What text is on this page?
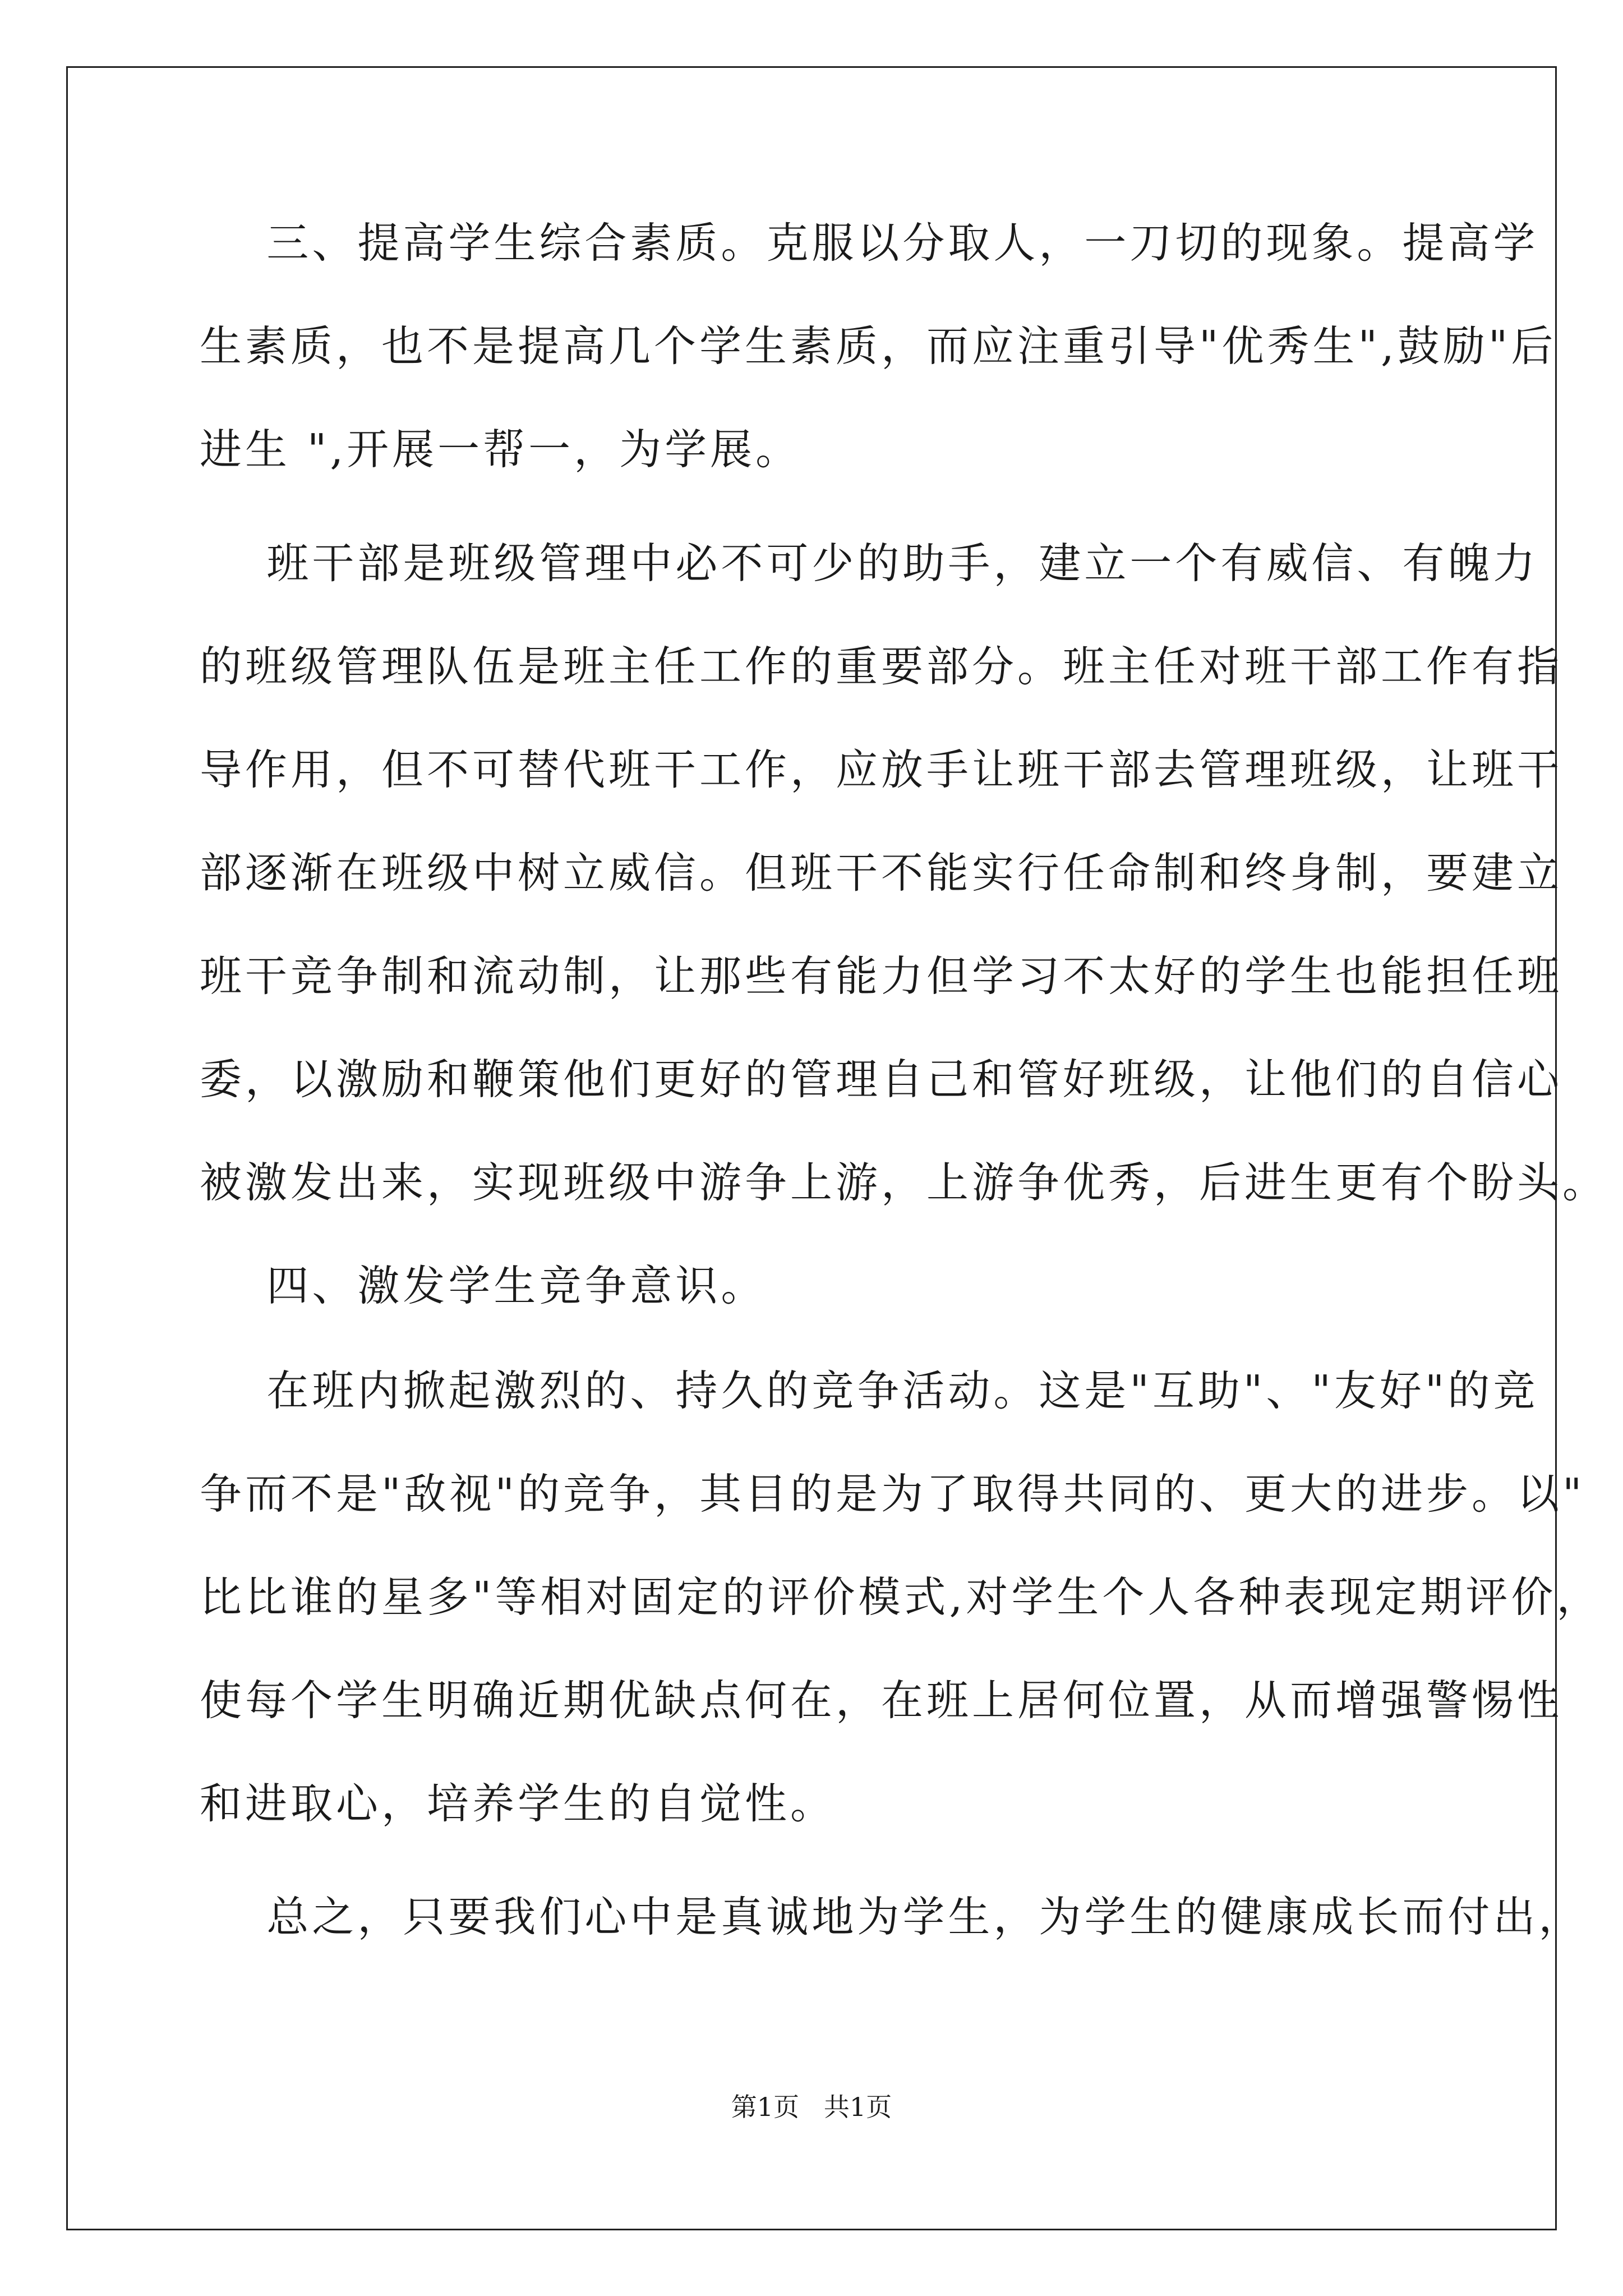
三、提高学生综合素质。克服以分取人，一刀切的现象。提高学
生素质，也不是提高几个学生素质，而应注重引导"优秀生",鼓励"后
进生 ",开展一帮一，为学展。
班干部是班级管理中必不可少的助手，建立一个有威信、有魄力
的班级管理队伍是班主任工作的重要部分。班主任对班干部工作有指
导作用，但不可替代班干工作，应放手让班干部去管理班级，让班干
部逐渐在班级中树立威信。但班干不能实行任命制和终身制，要建立
班干竞争制和流动制，让那些有能力但学习不太好的学生也能担任班
委，以激励和鞭策他们更好的管理自己和管好班级，让他们的自信心
被激发出来，实现班级中游争上游，上游争优秀，后进生更有个盼头。
四、激发学生竞争意识。
在班内掀起激烈的、持久的竞争活动。这是"互助"、"友好"的竞
争而不是"敌视"的竞争，其目的是为了取得共同的、更大的进步。以"
比比谁的星多"等相对固定的评价模式,对学生个人各种表现定期评价，
使每个学生明确近期优缺点何在，在班上居何位置，从而增强警惕性
和进取心，培养学生的自觉性。
总之，只要我们心中是真诚地为学生，为学生的健康成长而付出，
第1页   共1页
